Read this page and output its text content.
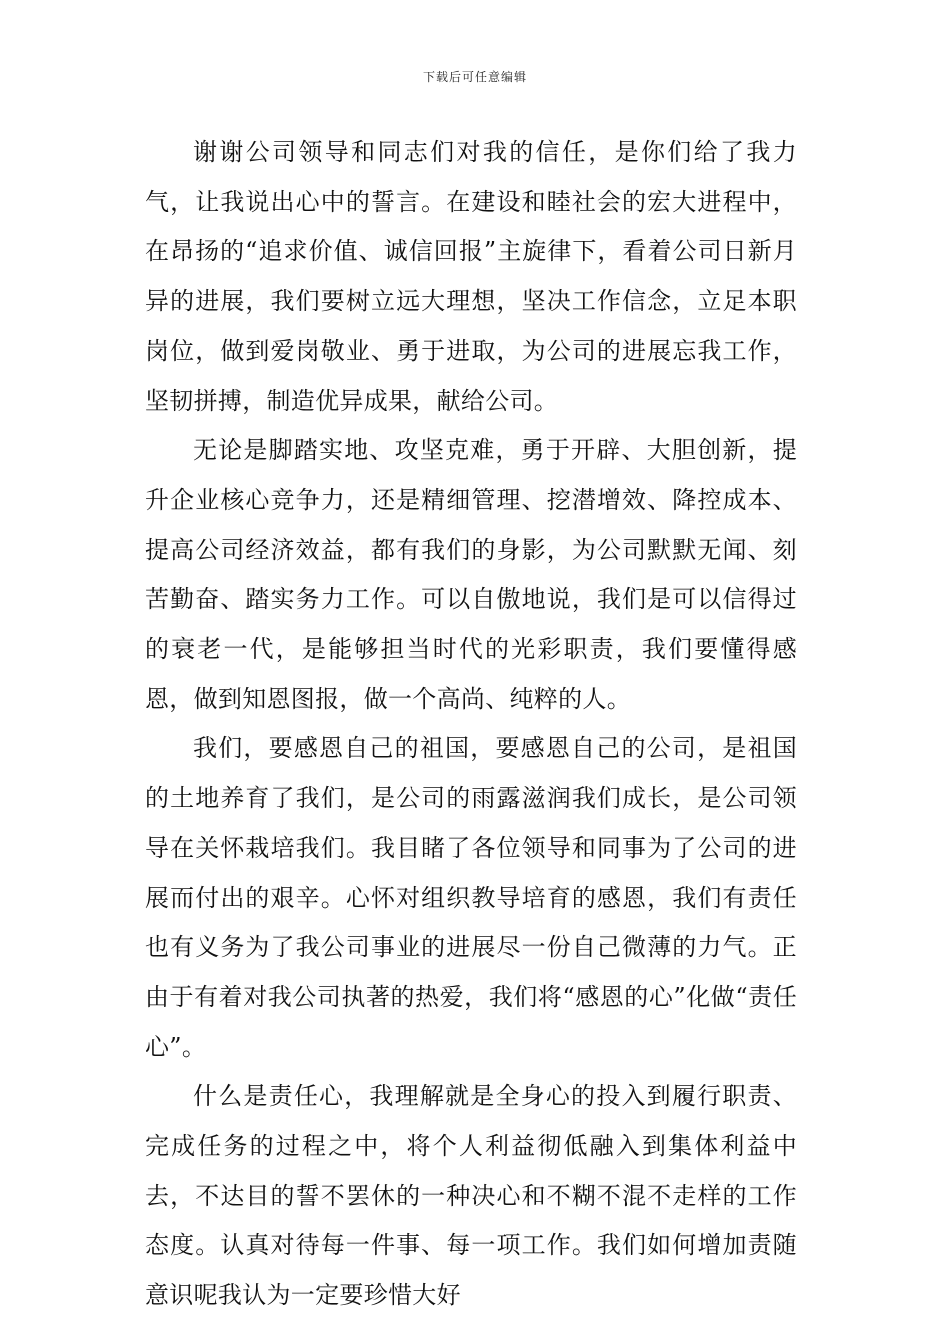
下载后可任意编辑

谢谢公司领导和同志们对我的信任，是你们给了我力气，让我说出心中的誓言。在建设和睦社会的宏大进程中，在昂扬的“追求价值、诚信回报”主旋律下，看着公司日新月异的进展，我们要树立远大理想，坚决工作信念，立足本职岗位，做到爱岗敬业、勇于进取，为公司的进展忘我工作，坚韧拼搏，制造优异成果，献给公司。

无论是脚踏实地、攻坚克难，勇于开辟、大胆创新，提升企业核心竞争力，还是精细管理、挖潜增效、降控成本、提高公司经济效益，都有我们的身影，为公司默默无闻、刻苦勤奋、踏实务力工作。可以自傲地说，我们是可以信得过的衰老一代，是能够担当时代的光彩职责，我们要懂得感恩，做到知恩图报，做一个高尚、纯粹的人。

我们，要感恩自己的祖国，要感恩自己的公司，是祖国的土地养育了我们，是公司的雨露滋润我们成长，是公司领导在关怀栽培我们。我目睹了各位领导和同事为了公司的进展而付出的艰辛。心怀对组织教导培育的感恩，我们有责任也有义务为了我公司事业的进展尽一份自己微薄的力气。正由于有着对我公司执著的热爱，我们将“感恩的心”化做“责任心”。

什么是责任心，我理解就是全身心的投入到履行职责、完成任务的过程之中，将个人利益彻低融入到集体利益中去，不达目的誓不罢休的一种决心和不糊不混不走样的工作态度。认真对待每一件事、每一项工作。我们如何增加责随意识呢我认为一定要珍惜大好
